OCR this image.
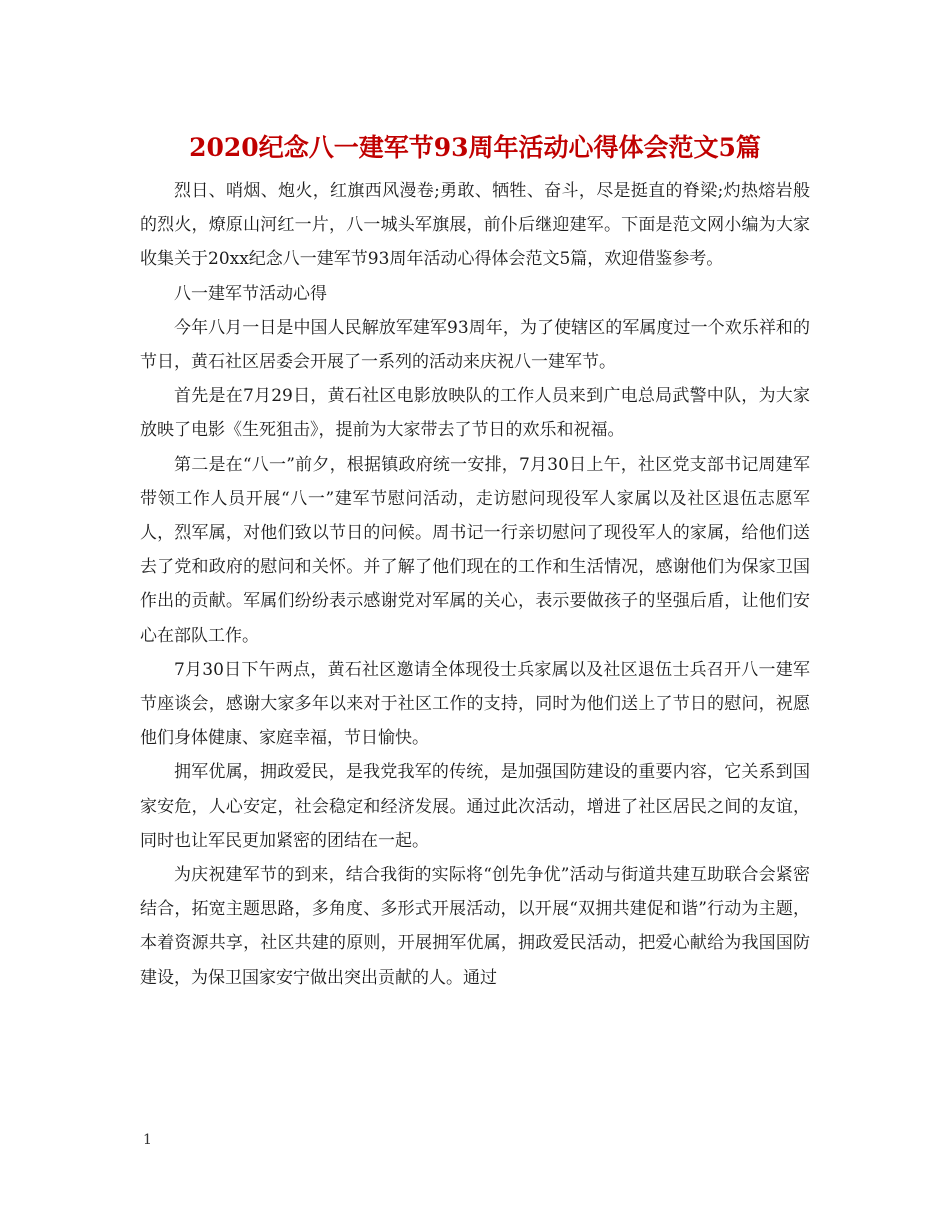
2020纪念八一建军节93周年活动心得体会范文5篇

烈日、哨烟、炮火，红旗西风漫卷;勇敢、牺牲、奋斗，尽是挺直的脊梁;灼热熔岩般的烈火，燎原山河红一片，八一城头军旗展，前仆后继迎建军。下面是范文网小编为大家收集关于20xx纪念八一建军节93周年活动心得体会范文5篇，欢迎借鉴参考。

八一建军节活动心得

今年八月一日是中国人民解放军建军93周年，为了使辖区的军属度过一个欢乐祥和的节日，黄石社区居委会开展了一系列的活动来庆祝八一建军节。

首先是在7月29日，黄石社区电影放映队的工作人员来到广电总局武警中队，为大家放映了电影《生死狙击》，提前为大家带去了节日的欢乐和祝福。

第二是在“八一”前夕，根据镇政府统一安排，7月30日上午，社区党支部书记周建军带领工作人员开展“八一”建军节慰问活动，走访慰问现役军人家属以及社区退伍志愿军人，烈军属，对他们致以节日的问候。周书记一行亲切慰问了现役军人的家属，给他们送去了党和政府的慰问和关怀。并了解了他们现在的工作和生活情况，感谢他们为保家卫国作出的贡献。军属们纷纷表示感谢党对军属的关心，表示要做孩子的坚强后盾，让他们安心在部队工作。

7月30日下午两点，黄石社区邀请全体现役士兵家属以及社区退伍士兵召开八一建军节座谈会，感谢大家多年以来对于社区工作的支持，同时为他们送上了节日的慰问，祝愿他们身体健康、家庭幸福，节日愉快。

拥军优属，拥政爱民，是我党我军的传统，是加强国防建设的重要内容，它关系到国家安危，人心安定，社会稳定和经济发展。通过此次活动，增进了社区居民之间的友谊，同时也让军民更加紧密的团结在一起。

为庆祝建军节的到来，结合我街的实际将“创先争优”活动与街道共建互助联合会紧密结合，拓宽主题思路，多角度、多形式开展活动，以开展“双拥共建促和谐”行动为主题，本着资源共享，社区共建的原则，开展拥军优属，拥政爱民活动，把爱心献给为我国国防建设，为保卫国家安宁做出突出贡献的人。通过

1
